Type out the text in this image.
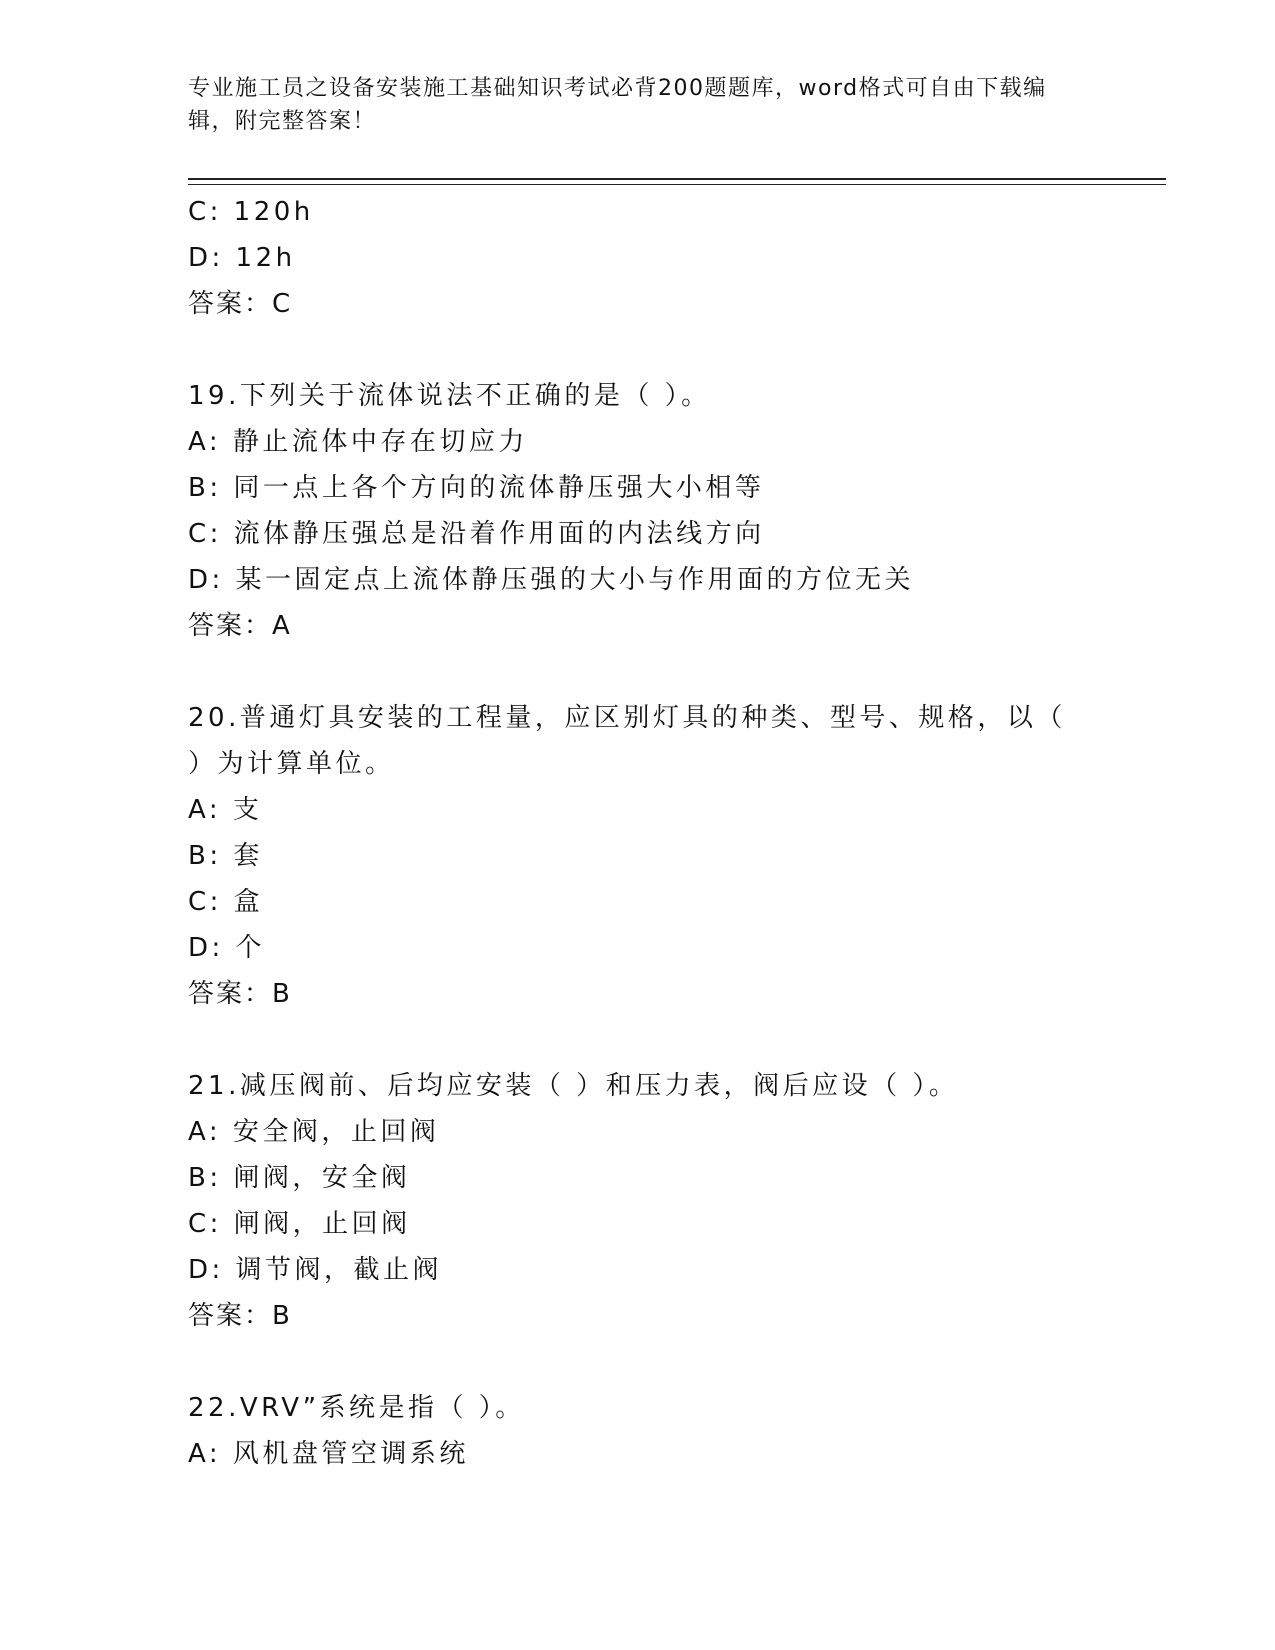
专业施工员之设备安装施工基础知识考试必背200题题库，word格式可自由下载编辑，附完整答案！
C: 120h
D: 12h
答案：C
19.下列关于流体说法不正确的是（ ）。
A: 静止流体中存在切应力
B: 同一点上各个方向的流体静压强大小相等
C: 流体静压强总是沿着作用面的内法线方向
D: 某一固定点上流体静压强的大小与作用面的方位无关
答案：A
20.普通灯具安装的工程量，应区别灯具的种类、型号、规格，以（ ）为计算单位。
A: 支
B: 套
C: 盒
D: 个
答案：B
21.减压阀前、后均应安装（ ）和压力表，阀后应设（ ）。
A: 安全阀，止回阀
B: 闸阀，安全阀
C: 闸阀，止回阀
D: 调节阀，截止阀
答案：B
22.VRV”系统是指（ ）。
A: 风机盘管空调系统
